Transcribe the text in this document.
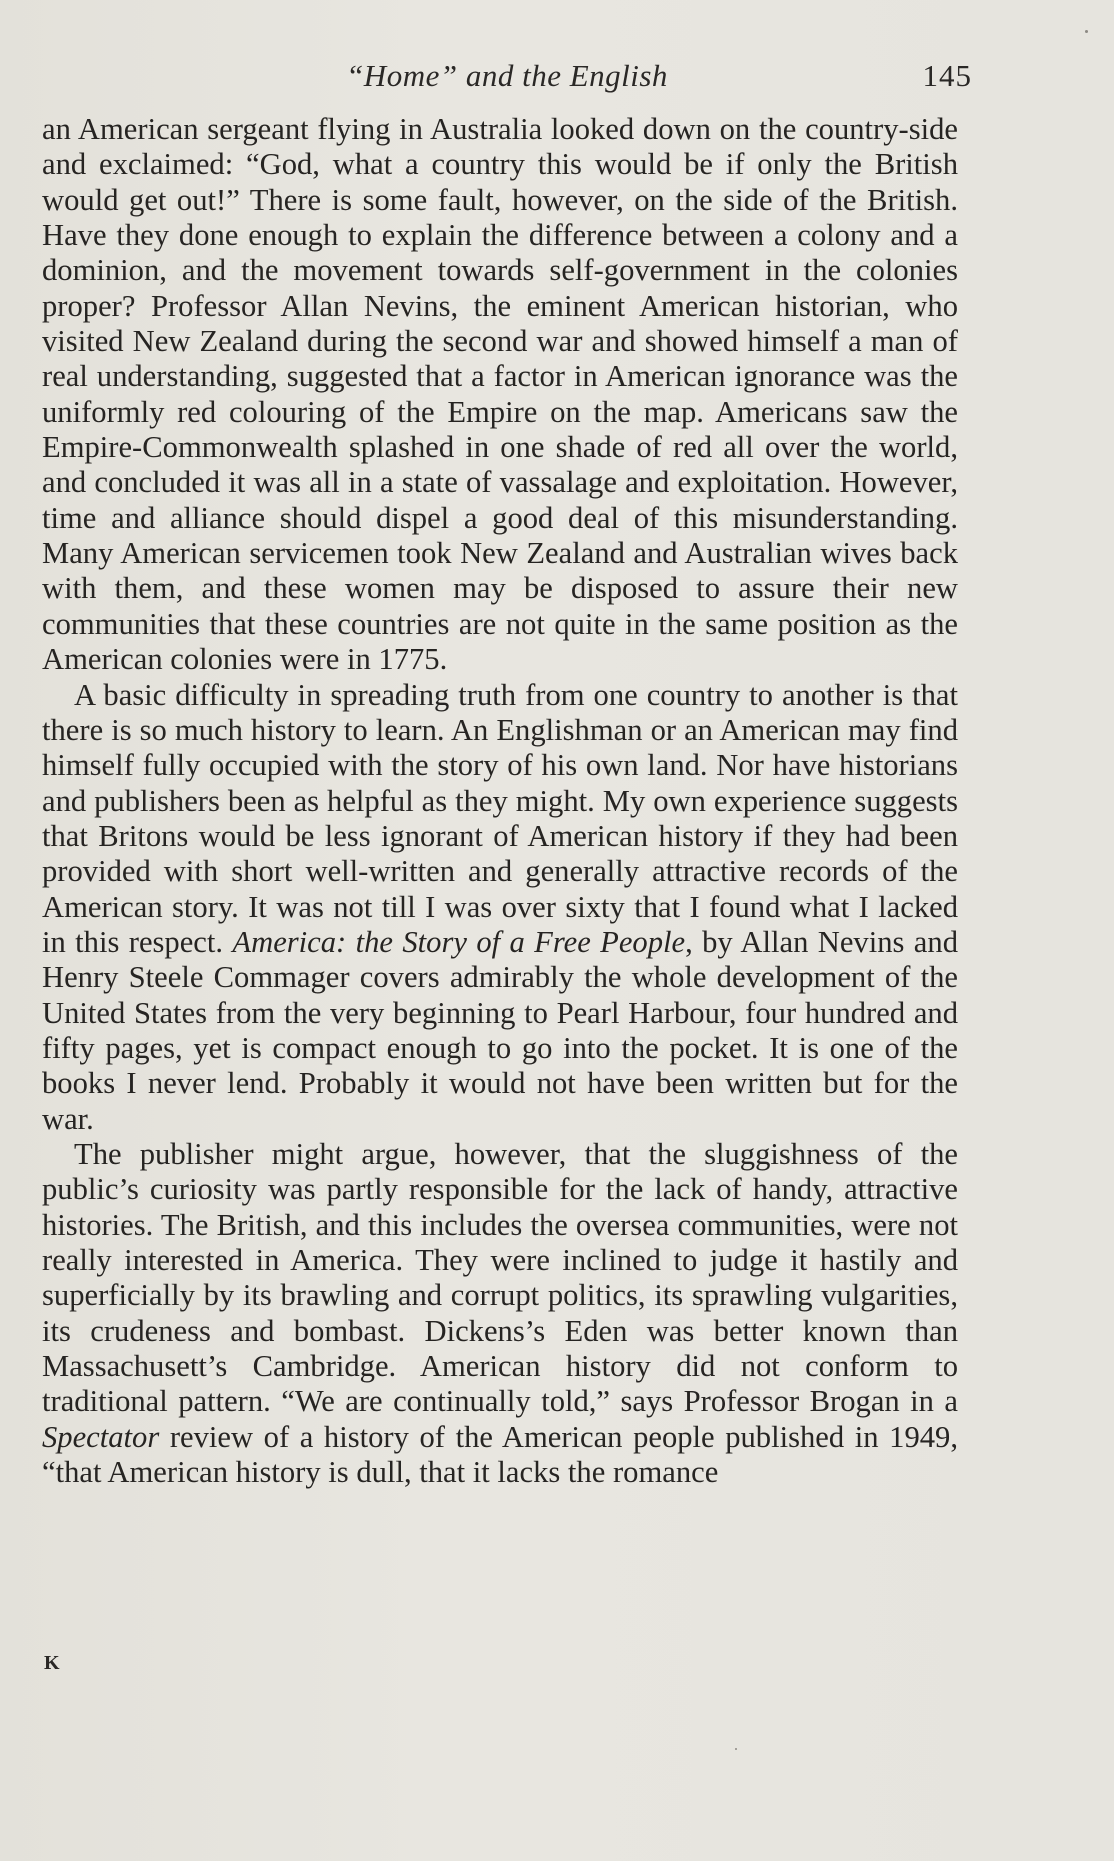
“Home” and the English	145

an American sergeant flying in Australia looked down on the country-side and exclaimed: “God, what a country this would be if only the British would get out!” There is some fault, however, on the side of the British. Have they done enough to explain the difference between a colony and a dominion, and the movement towards self-government in the colonies proper? Professor Allan Nevins, the eminent American historian, who visited New Zealand during the second war and showed himself a man of real understanding, suggested that a factor in American ignorance was the uniformly red colouring of the Empire on the map. Americans saw the Empire-Commonwealth splashed in one shade of red all over the world, and concluded it was all in a state of vassalage and exploitation. However, time and alliance should dispel a good deal of this misunderstanding. Many American servicemen took New Zealand and Australian wives back with them, and these women may be disposed to assure their new communities that these countries are not quite in the same position as the American colonies were in 1775.

A basic difficulty in spreading truth from one country to another is that there is so much history to learn. An Englishman or an American may find himself fully occupied with the story of his own land. Nor have historians and publishers been as helpful as they might. My own experience suggests that Britons would be less ignorant of American history if they had been provided with short well-written and generally attractive records of the American story. It was not till I was over sixty that I found what I lacked in this respect. America: the Story of a Free People, by Allan Nevins and Henry Steele Commager covers admirably the whole development of the United States from the very beginning to Pearl Harbour, four hundred and fifty pages, yet is compact enough to go into the pocket. It is one of the books I never lend. Probably it would not have been written but for the war.

The publisher might argue, however, that the sluggishness of the public’s curiosity was partly responsible for the lack of handy, attractive histories. The British, and this includes the oversea communities, were not really interested in America. They were inclined to judge it hastily and superficially by its brawling and corrupt politics, its sprawling vulgarities, its crudeness and bombast. Dickens’s Eden was better known than Massachusett’s Cambridge. American history did not conform to traditional pattern. “We are continually told,” says Professor Brogan in a Spectator review of a history of the American people published in 1949, “that American history is dull, that it lacks the romance

K
